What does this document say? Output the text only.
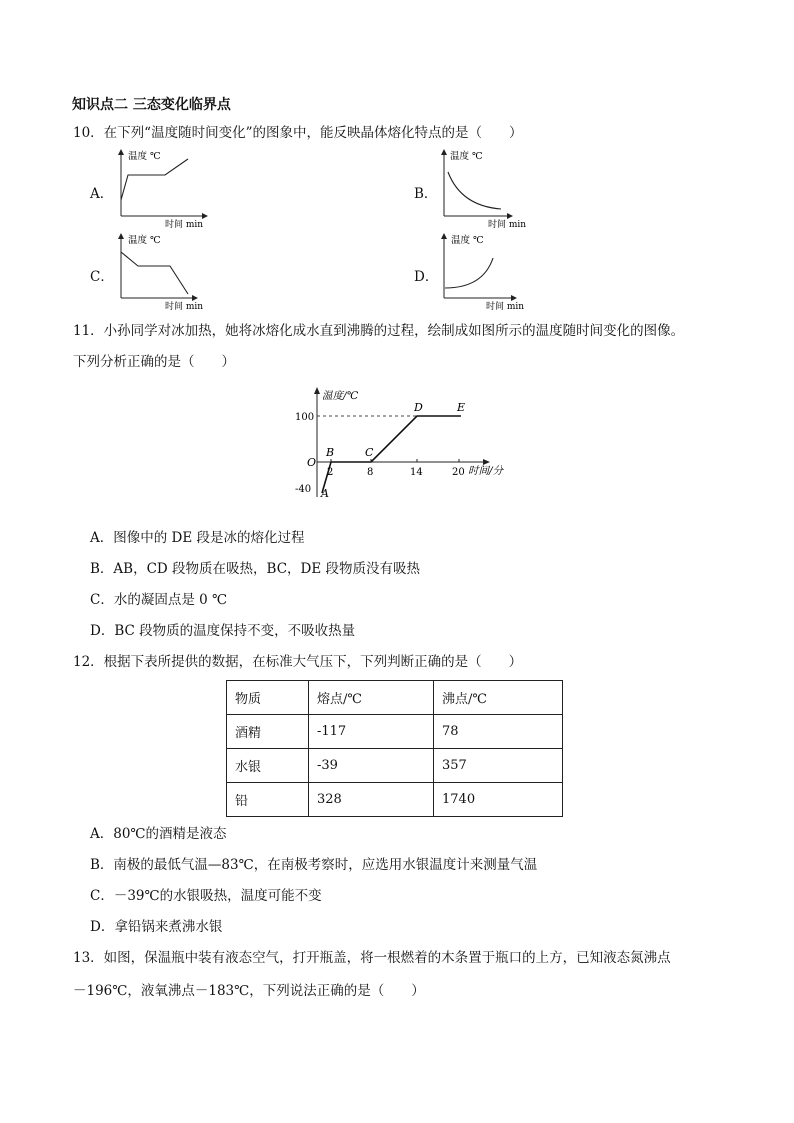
知识点二 三态变化临界点
10．在下列“温度随时间变化”的图象中，能反映晶体熔化特点的是（　　）
A．
温度 ℃
时间 min
B．
温度 ℃
时间 min
C．
温度 ℃
时间 min
D．
温度 ℃
时间 min
11．小孙同学对冰加热，她将冰熔化成水直到沸腾的过程，绘制成如图所示的温度随时间变化的图像。
下列分析正确的是（　　）
温度/℃
100
-40
O
2	8	14	20 时间/分
A
B	C
D	E
A．图像中的 DE 段是冰的熔化过程
B．AB，CD 段物质在吸热，BC，DE 段物质没有吸热
C．水的凝固点是 0 ℃
D．BC 段物质的温度保持不变，不吸收热量
12．根据下表所提供的数据，在标准大气压下，下列判断正确的是（　　）
物质	熔点/℃	沸点/℃
酒精	-117	78
水银	-39	357
铅	328	1740
A．80℃的酒精是液态
B．南极的最低气温—83℃，在南极考察时，应选用水银温度计来测量气温
C．－39℃的水银吸热，温度可能不变
D．拿铅锅来煮沸水银
13．如图，保温瓶中装有液态空气，打开瓶盖，将一根燃着的木条置于瓶口的上方，已知液态氮沸点
－196℃，液氧沸点－183℃，下列说法正确的是（　　）
